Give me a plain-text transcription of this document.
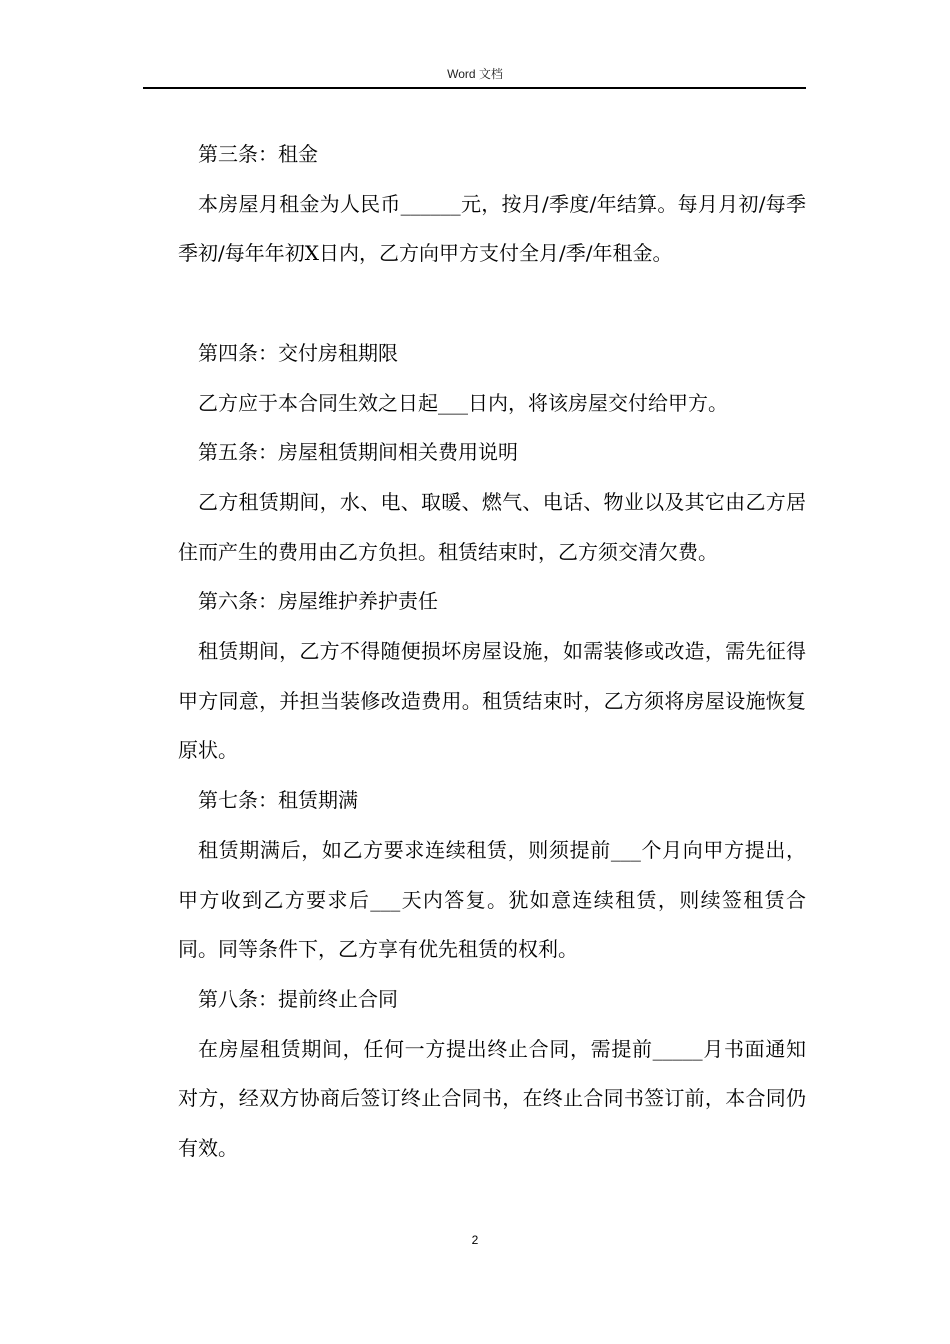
Word 文档

第三条：租金

本房屋月租金为人民币______元，按月/季度/年结算。每月月初/每季季初/每年年初X日内，乙方向甲方支付全月/季/年租金。

第四条：交付房租期限

乙方应于本合同生效之日起___日内，将该房屋交付给甲方。

第五条：房屋租赁期间相关费用说明

乙方租赁期间，水、电、取暖、燃气、电话、物业以及其它由乙方居住而产生的费用由乙方负担。租赁结束时，乙方须交清欠费。

第六条：房屋维护养护责任

租赁期间，乙方不得随便损坏房屋设施，如需装修或改造，需先征得甲方同意，并担当装修改造费用。租赁结束时，乙方须将房屋设施恢复原状。

第七条：租赁期满

租赁期满后，如乙方要求连续租赁，则须提前___个月向甲方提出，甲方收到乙方要求后___天内答复。犹如意连续租赁，则续签租赁合同。同等条件下，乙方享有优先租赁的权利。

第八条：提前终止合同

在房屋租赁期间，任何一方提出终止合同，需提前_____月书面通知对方，经双方协商后签订终止合同书，在终止合同书签订前，本合同仍有效。

2
